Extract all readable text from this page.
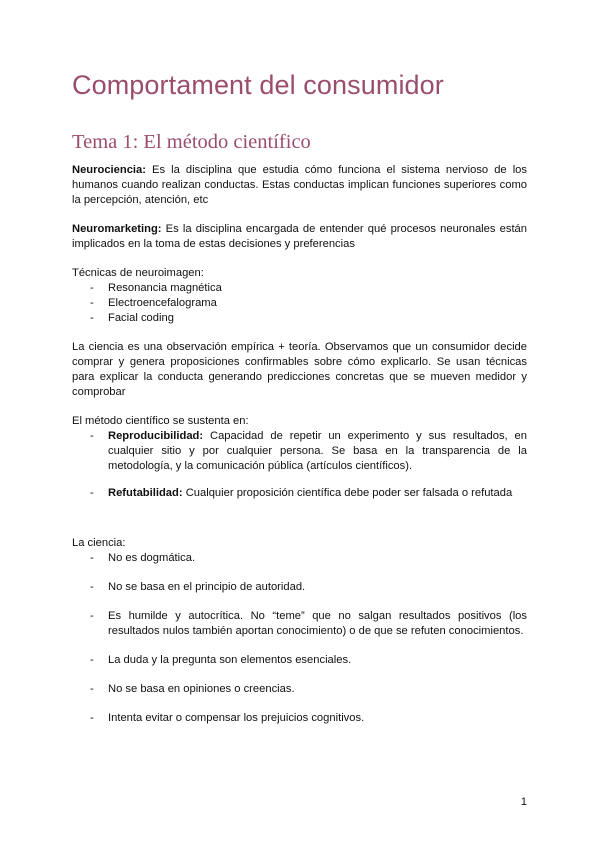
Comportament del consumidor
Tema 1: El método científico

Neurociencia: Es la disciplina que estudia cómo funciona el sistema nervioso de los humanos cuando realizan conductas. Estas conductas implican funciones superiores como la percepción, atención, etc

Neuromarketing: Es la disciplina encargada de entender qué procesos neuronales están implicados en la toma de estas decisiones y preferencias

Técnicas de neuroimagen:

- Resonancia magnética
- Electroencefalograma
- Facial coding

La ciencia es una observación empírica + teoría. Observamos que un consumidor decide comprar y genera proposiciones confirmables sobre cómo explicarlo. Se usan técnicas para explicar la conducta generando predicciones concretas que se mueven medidor y comprobar

El método científico se sustenta en:

- Reproducibilidad: Capacidad de repetir un experimento y sus resultados, en cualquier sitio y por cualquier persona. Se basa en la transparencia de la metodología, y la comunicación pública (artículos científicos).
- Refutabilidad: Cualquier proposición científica debe poder ser falsada o refutada

La ciencia:

- No es dogmática.
- No se basa en el principio de autoridad.
- Es humilde y autocrítica. No “teme” que no salgan resultados positivos (los resultados nulos también aportan conocimiento) o de que se refuten conocimientos.
- La duda y la pregunta son elementos esenciales.
- No se basa en opiniones o creencias.
- Intenta evitar o compensar los prejuicios cognitivos.
1
